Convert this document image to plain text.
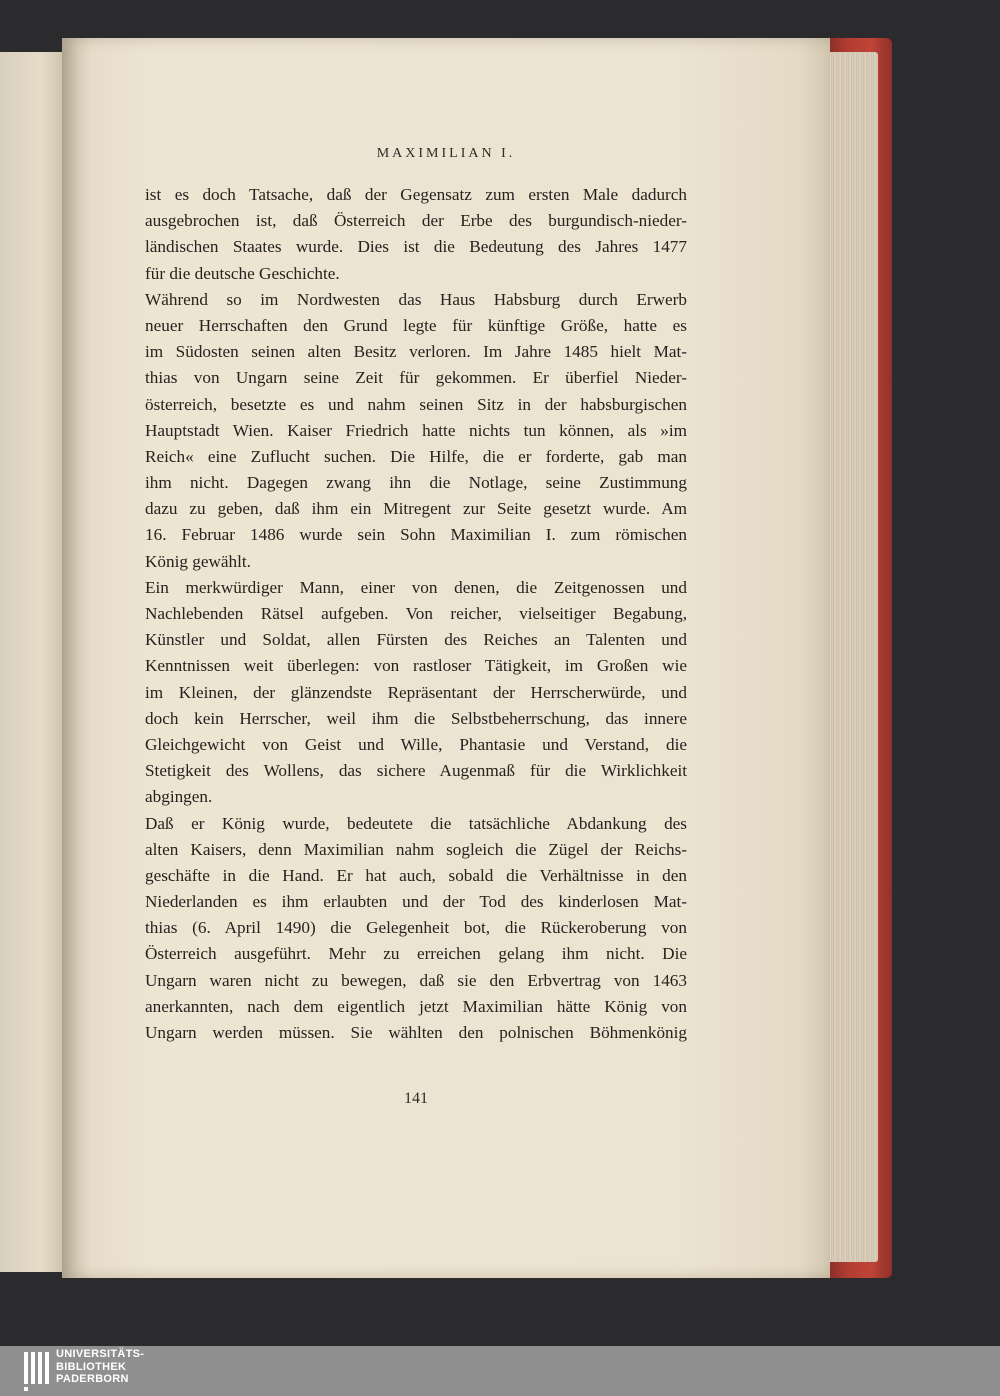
MAXIMILIAN I.
ist es doch Tatsache, daß der Gegensatz zum ersten Male dadurch
ausgebrochen ist, daß Österreich der Erbe des burgundisch-nieder-
ländischen Staates wurde. Dies ist die Bedeutung des Jahres 1477
für die deutsche Geschichte.
Während so im Nordwesten das Haus Habsburg durch Erwerb
neuer Herrschaften den Grund legte für künftige Größe, hatte es
im Südosten seinen alten Besitz verloren. Im Jahre 1485 hielt Mat-
thias von Ungarn seine Zeit für gekommen. Er überfiel Nieder-
österreich, besetzte es und nahm seinen Sitz in der habsburgischen
Hauptstadt Wien. Kaiser Friedrich hatte nichts tun können, als »im
Reich« eine Zuflucht suchen. Die Hilfe, die er forderte, gab man
ihm nicht. Dagegen zwang ihn die Notlage, seine Zustimmung
dazu zu geben, daß ihm ein Mitregent zur Seite gesetzt wurde. Am
16. Februar 1486 wurde sein Sohn Maximilian I. zum römischen
König gewählt.
Ein merkwürdiger Mann, einer von denen, die Zeitgenossen und
Nachlebenden Rätsel aufgeben. Von reicher, vielseitiger Begabung,
Künstler und Soldat, allen Fürsten des Reiches an Talenten und
Kenntnissen weit überlegen: von rastloser Tätigkeit, im Großen wie
im Kleinen, der glänzendste Repräsentant der Herrscherwürde, und
doch kein Herrscher, weil ihm die Selbstbeherrschung, das innere
Gleichgewicht von Geist und Wille, Phantasie und Verstand, die
Stetigkeit des Wollens, das sichere Augenmaß für die Wirklichkeit
abgingen.
Daß er König wurde, bedeutete die tatsächliche Abdankung des
alten Kaisers, denn Maximilian nahm sogleich die Zügel der Reichs-
geschäfte in die Hand. Er hat auch, sobald die Verhältnisse in den
Niederlanden es ihm erlaubten und der Tod des kinderlosen Mat-
thias (6. April 1490) die Gelegenheit bot, die Rückeroberung von
Österreich ausgeführt. Mehr zu erreichen gelang ihm nicht. Die
Ungarn waren nicht zu bewegen, daß sie den Erbvertrag von 1463
anerkannten, nach dem eigentlich jetzt Maximilian hätte König von
Ungarn werden müssen. Sie wählten den polnischen Böhmenkönig
141
UNIVERSITÄTS-
BIBLIOTHEK
PADERBORN
